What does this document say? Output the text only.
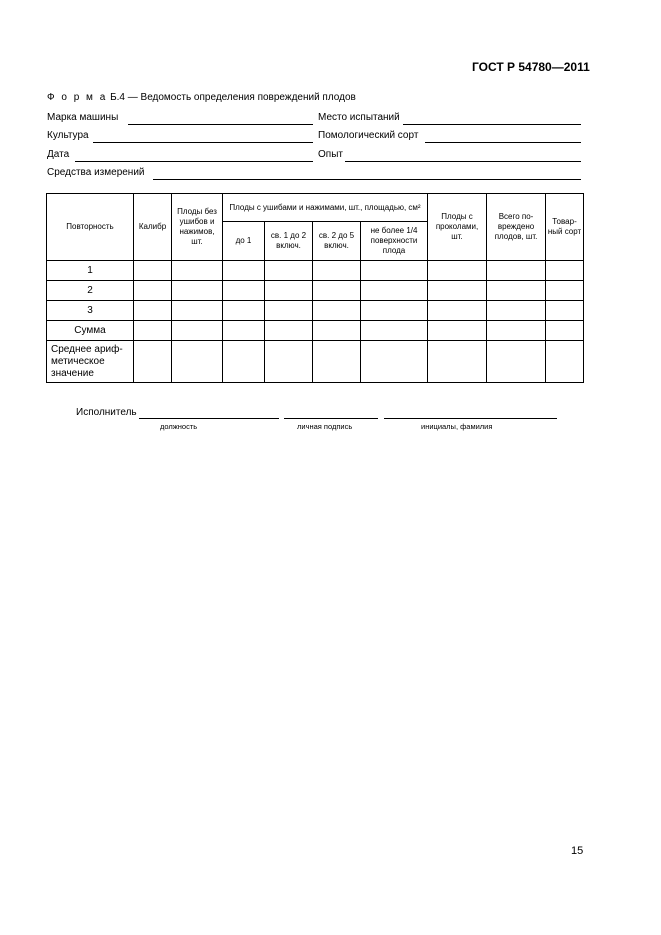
ГОСТ Р 54780—2011
Ф о р м а Б.4 — Ведомость определения повреждений плодов
Марка машины	Место испытаний
Культура	Помологический сорт
Дата	Опыт
Средства измерений
Повторность	Калибр	Плоды без ушибов и нажимов, шт.	Плоды с ушибами и нажимами, шт., площадью, см²				Плоды с проколами, шт.	Всего по-вреждено плодов, шт.	Товар-ный сорт
			до 1	св. 1 до 2 включ.	св. 2 до 5 включ.	не более 1/4 поверхности плода			
1									
2									
3									
Сумма									
Среднее ариф-метическое значение									
Исполнитель
должность	личная подпись	инициалы, фамилия
15
